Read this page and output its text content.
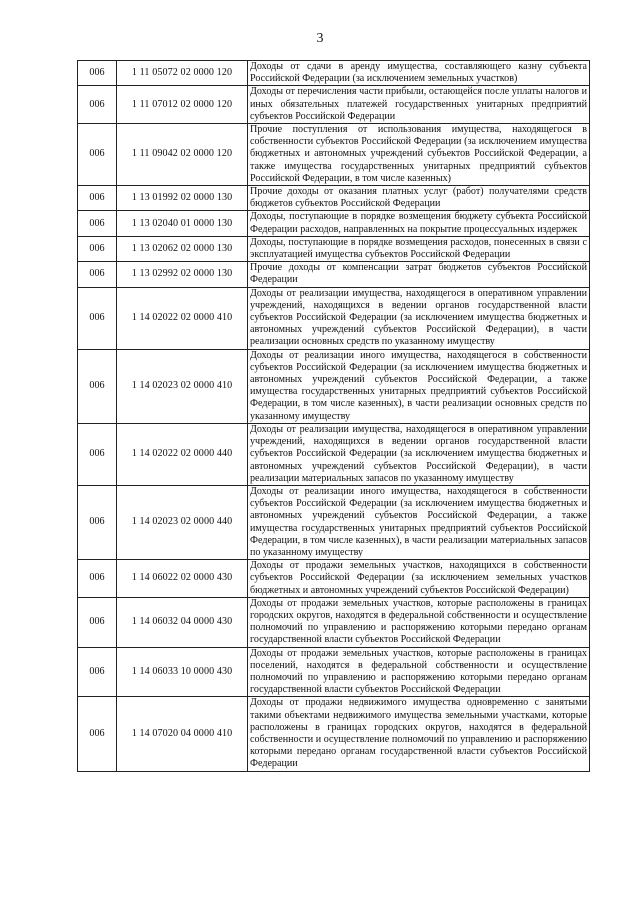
3
006	1 11 05072 02 0000 120	Доходы от сдачи в аренду имущества, составляющего казну субъекта Российской Федерации (за исключением земельных участков)
006	1 11 07012 02 0000 120	Доходы от перечисления части прибыли, остающейся после уплаты налогов и иных обязательных платежей государственных унитарных предприятий субъектов Российской Федерации
006	1 11 09042 02 0000 120	Прочие поступления от использования имущества, находящегося в собственности субъектов Российской Федерации (за исключением имущества бюджетных и автономных учреждений субъектов Российской Федерации, а также имущества государственных унитарных предприятий субъектов Российской Федерации, в том числе казенных)
006	1 13 01992 02 0000 130	Прочие доходы от оказания платных услуг (работ) получателями средств бюджетов субъектов Российской Федерации
006	1 13 02040 01 0000 130	Доходы, поступающие в порядке возмещения бюджету субъекта Российской Федерации расходов, направленных на покрытие процессуальных издержек
006	1 13 02062 02 0000 130	Доходы, поступающие в порядке возмещения расходов, понесенных в связи с эксплуатацией имущества субъектов Российской Федерации
006	1 13 02992 02 0000 130	Прочие доходы от компенсации затрат бюджетов субъектов Российской Федерации
006	1 14 02022 02 0000 410	Доходы от реализации имущества, находящегося в оперативном управлении учреждений, находящихся в ведении органов государственной власти субъектов Российской Федерации (за исключением имущества бюджетных и автономных учреждений субъектов Российской Федерации), в части реализации основных средств по указанному имуществу
006	1 14 02023 02 0000 410	Доходы от реализации иного имущества, находящегося в собственности субъектов Российской Федерации (за исключением имущества бюджетных и автономных учреждений субъектов Российской Федерации, а также имущества государственных унитарных предприятий субъектов Российской Федерации, в том числе казенных), в части реализации основных средств по указанному имуществу
006	1 14 02022 02 0000 440	Доходы от реализации имущества, находящегося в оперативном управлении учреждений, находящихся в ведении органов государственной власти субъектов Российской Федерации (за исключением имущества бюджетных и автономных учреждений субъектов Российской Федерации), в части реализации материальных запасов по указанному имуществу
006	1 14 02023 02 0000 440	Доходы от реализации иного имущества, находящегося в собственности субъектов Российской Федерации (за исключением имущества бюджетных и автономных учреждений субъектов Российской Федерации, а также имущества государственных унитарных предприятий субъектов Российской Федерации, в том числе казенных), в части реализации материальных запасов по указанному имуществу
006	1 14 06022 02 0000 430	Доходы от продажи земельных участков, находящихся в собственности субъектов Российской Федерации (за исключением земельных участков бюджетных и автономных учреждений субъектов Российской Федерации)
006	1 14 06032 04 0000 430	Доходы от продажи земельных участков, которые расположены в границах городских округов, находятся в федеральной собственности и осуществление полномочий по управлению и распоряжению которыми передано органам государственной власти субъектов Российской Федерации
006	1 14 06033 10 0000 430	Доходы от продажи земельных участков, которые расположены в границах поселений, находятся в федеральной собственности и осуществление полномочий по управлению и распоряжению которыми передано органам государственной власти субъектов Российской Федерации
006	1 14 07020 04 0000 410	Доходы от продажи недвижимого имущества одновременно с занятыми такими объектами недвижимого имущества земельными участками, которые расположены в границах городских округов, находятся в федеральной собственности и осуществление полномочий по управлению и распоряжению которыми передано органам государственной власти субъектов Российской Федерации
